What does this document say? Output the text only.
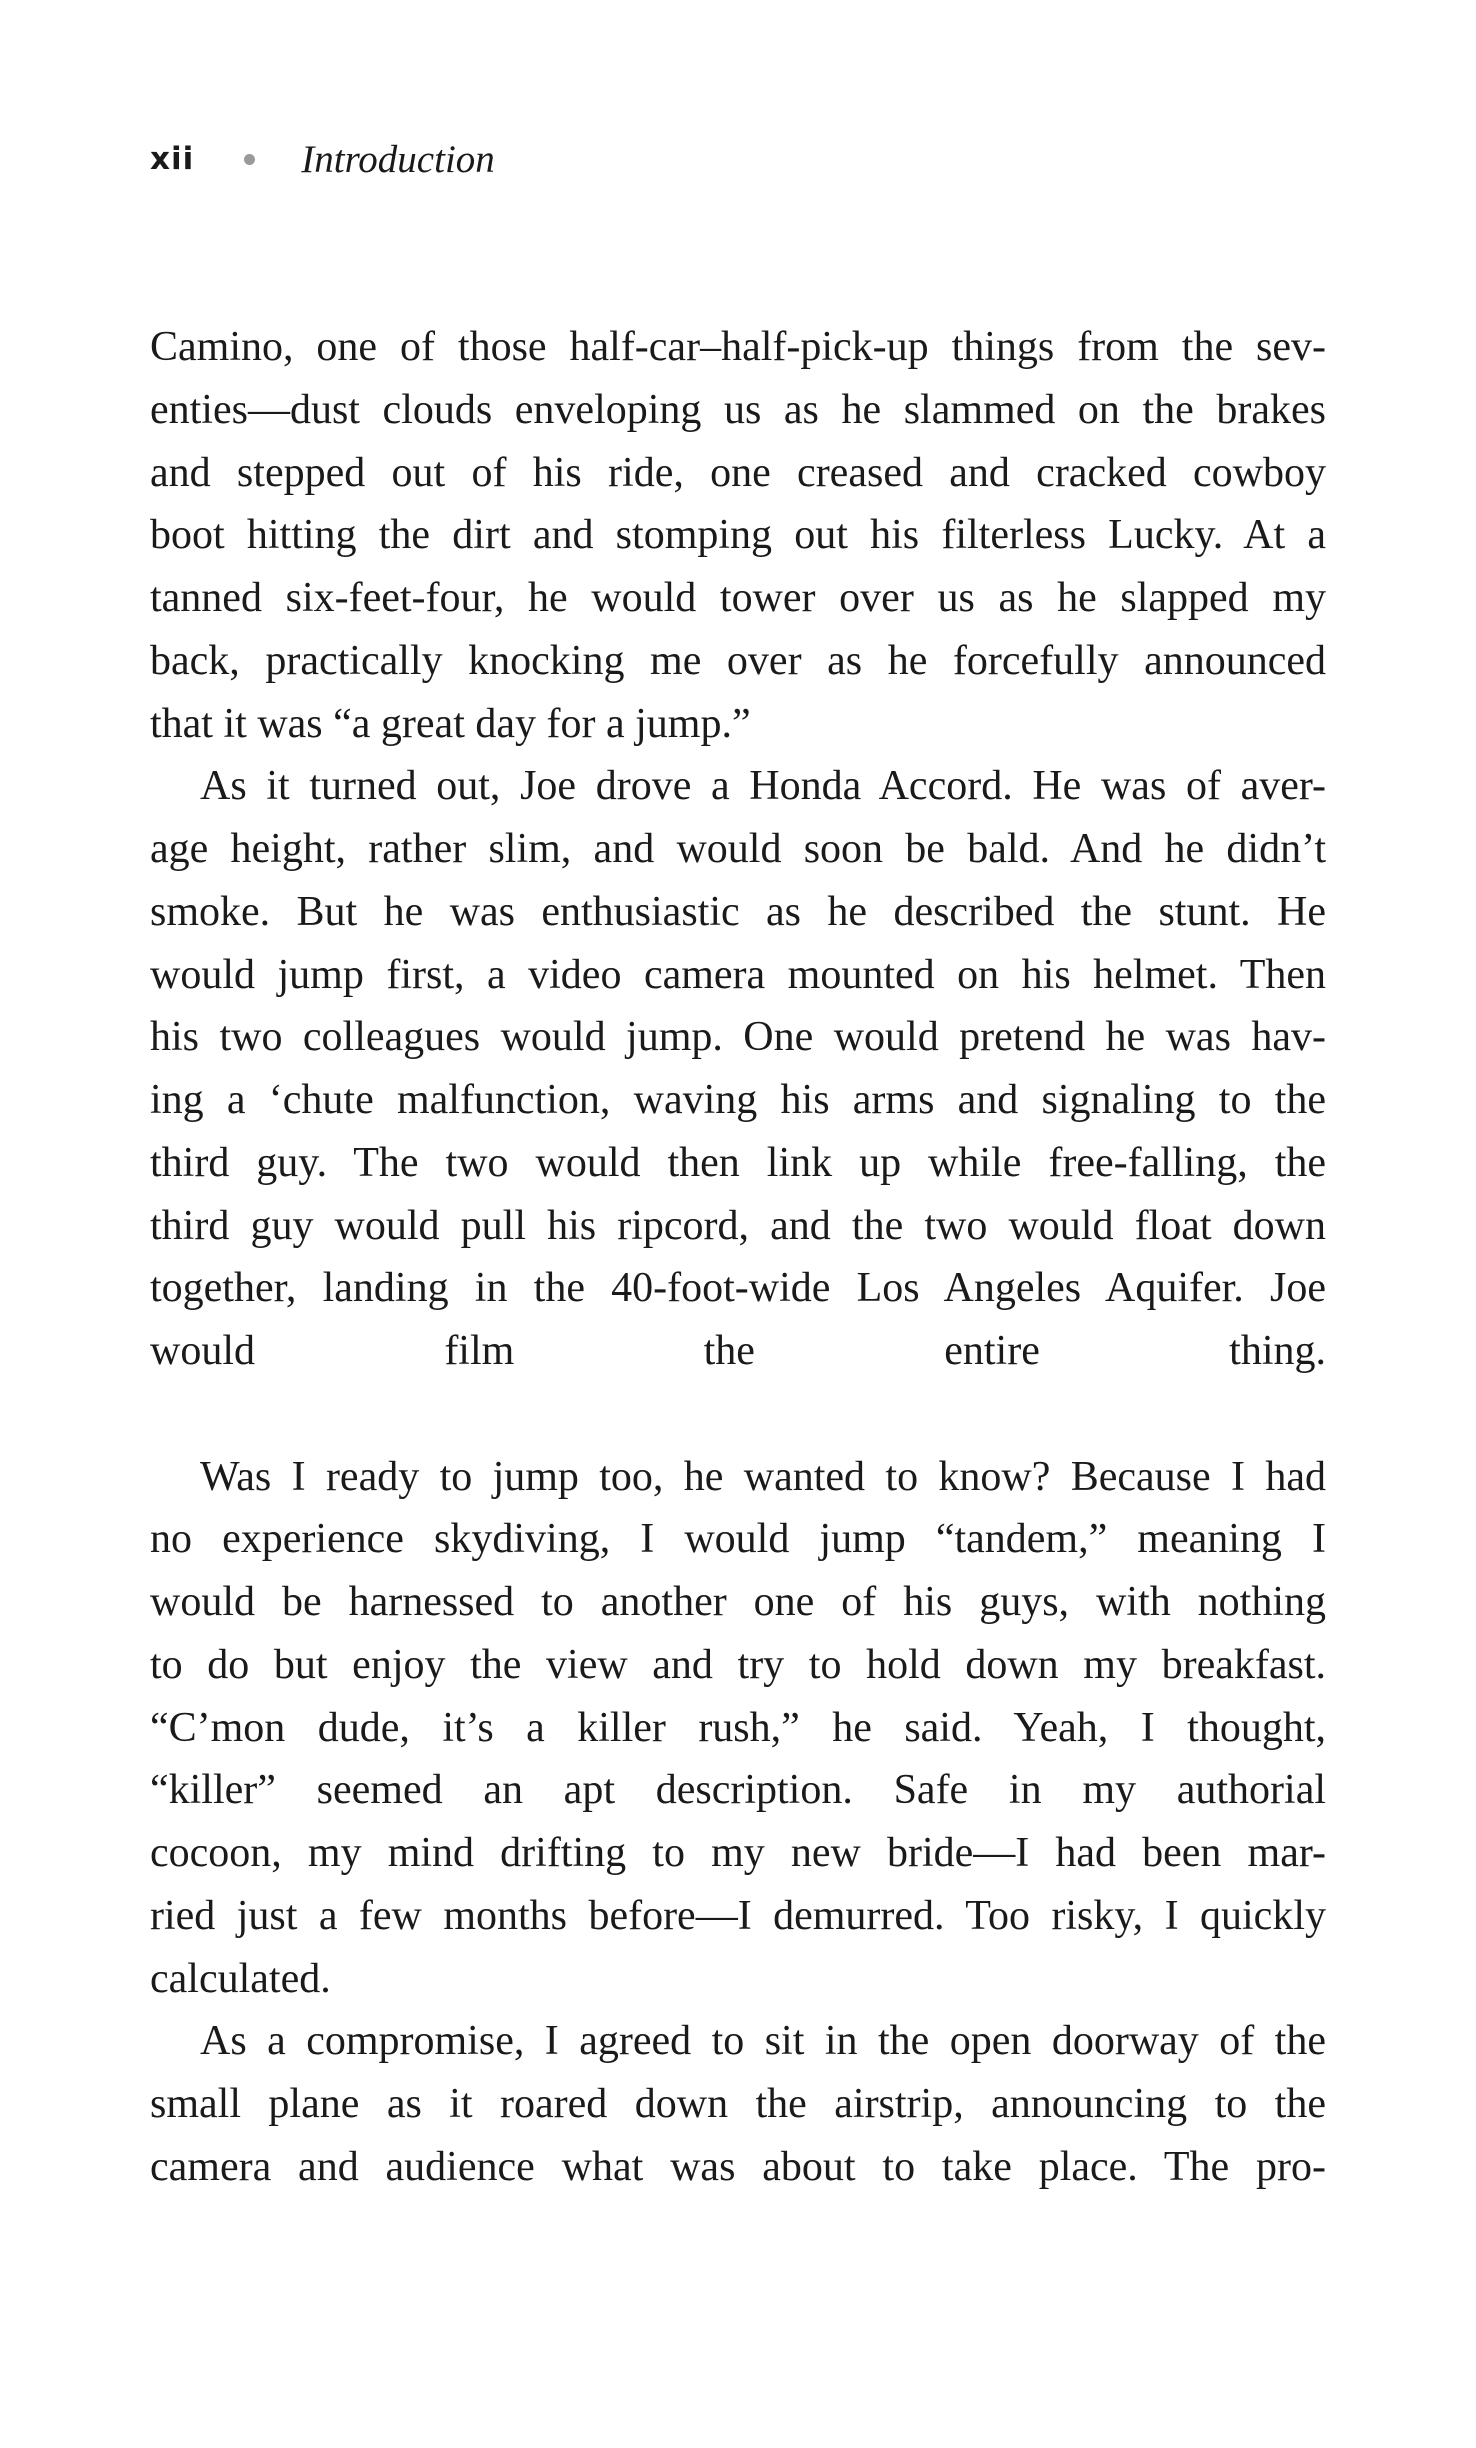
xii	Introduction
Camino, one of those half-car–half-pick-up things from the sev-
enties—dust clouds enveloping us as he slammed on the brakes
and stepped out of his ride, one creased and cracked cowboy
boot hitting the dirt and stomping out his filterless Lucky. At a
tanned six-feet-four, he would tower over us as he slapped my
back, practically knocking me over as he forcefully announced
that it was “a great day for a jump.”
As it turned out, Joe drove a Honda Accord. He was of aver-
age height, rather slim, and would soon be bald. And he didn’t
smoke. But he was enthusiastic as he described the stunt. He
would jump first, a video camera mounted on his helmet. Then
his two colleagues would jump. One would pretend he was hav-
ing a ‘chute malfunction, waving his arms and signaling to the
third guy. The two would then link up while free-falling, the
third guy would pull his ripcord, and the two would float down
together, landing in the 40-foot-wide Los Angeles Aquifer. Joe
would film the entire thing.
Was I ready to jump too, he wanted to know? Because I had
no experience skydiving, I would jump “tandem,” meaning I
would be harnessed to another one of his guys, with nothing
to do but enjoy the view and try to hold down my breakfast.
“C’mon dude, it’s a killer rush,” he said. Yeah, I thought,
“killer” seemed an apt description. Safe in my authorial
cocoon, my mind drifting to my new bride—I had been mar-
ried just a few months before—I demurred. Too risky, I quickly
calculated.
As a compromise, I agreed to sit in the open doorway of the
small plane as it roared down the airstrip, announcing to the
camera and audience what was about to take place. The pro-
